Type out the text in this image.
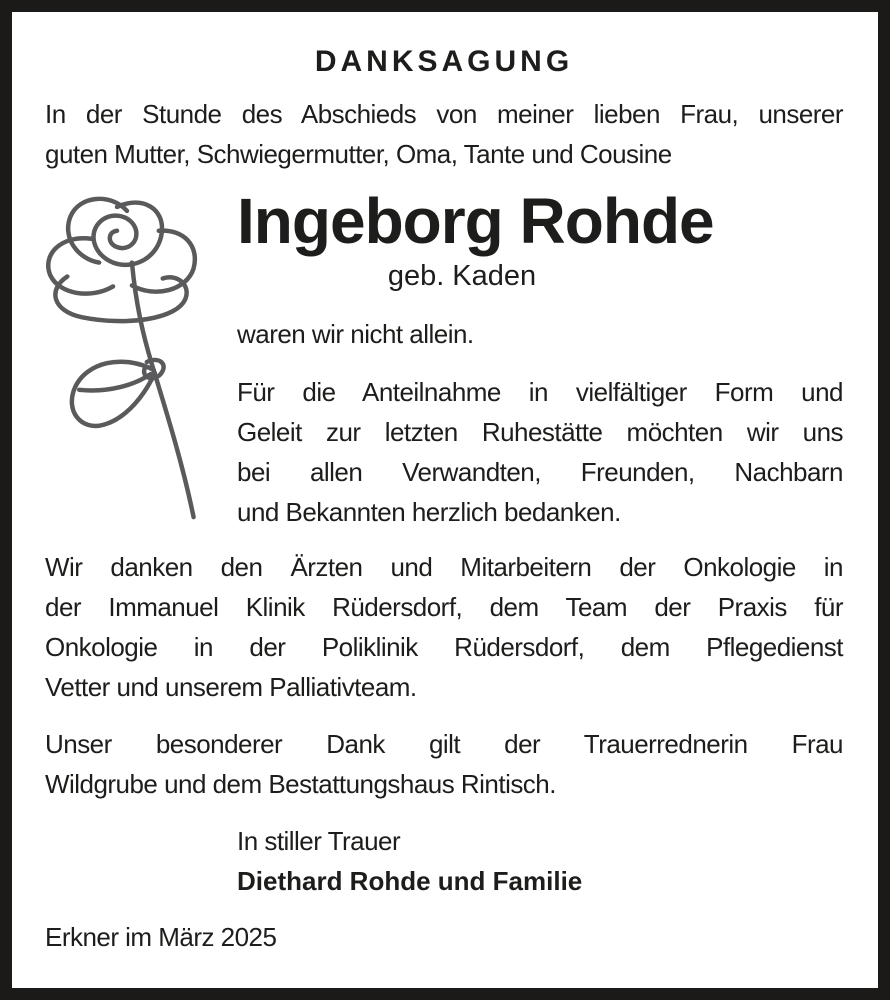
DANKSAGUNG
In der Stunde des Abschieds von meiner lieben Frau, unserer
guten Mutter, Schwiegermutter, Oma, Tante und Cousine
Ingeborg Rohde
geb. Kaden
waren wir nicht allein.
Für die Anteilnahme in vielfältiger Form und
Geleit zur letzten Ruhestätte möchten wir uns
bei allen Verwandten, Freunden, Nachbarn
und Bekannten herzlich bedanken.
Wir danken den Ärzten und Mitarbeitern der Onkologie in
der Immanuel Klinik Rüdersdorf, dem Team der Praxis für
Onkologie in der Poliklinik Rüdersdorf, dem Pflegedienst
Vetter und unserem Palliativteam.
Unser besonderer Dank gilt der Trauerrednerin Frau
Wildgrube und dem Bestattungshaus Rintisch.
In stiller Trauer
Diethard Rohde und Familie
Erkner im März 2025
